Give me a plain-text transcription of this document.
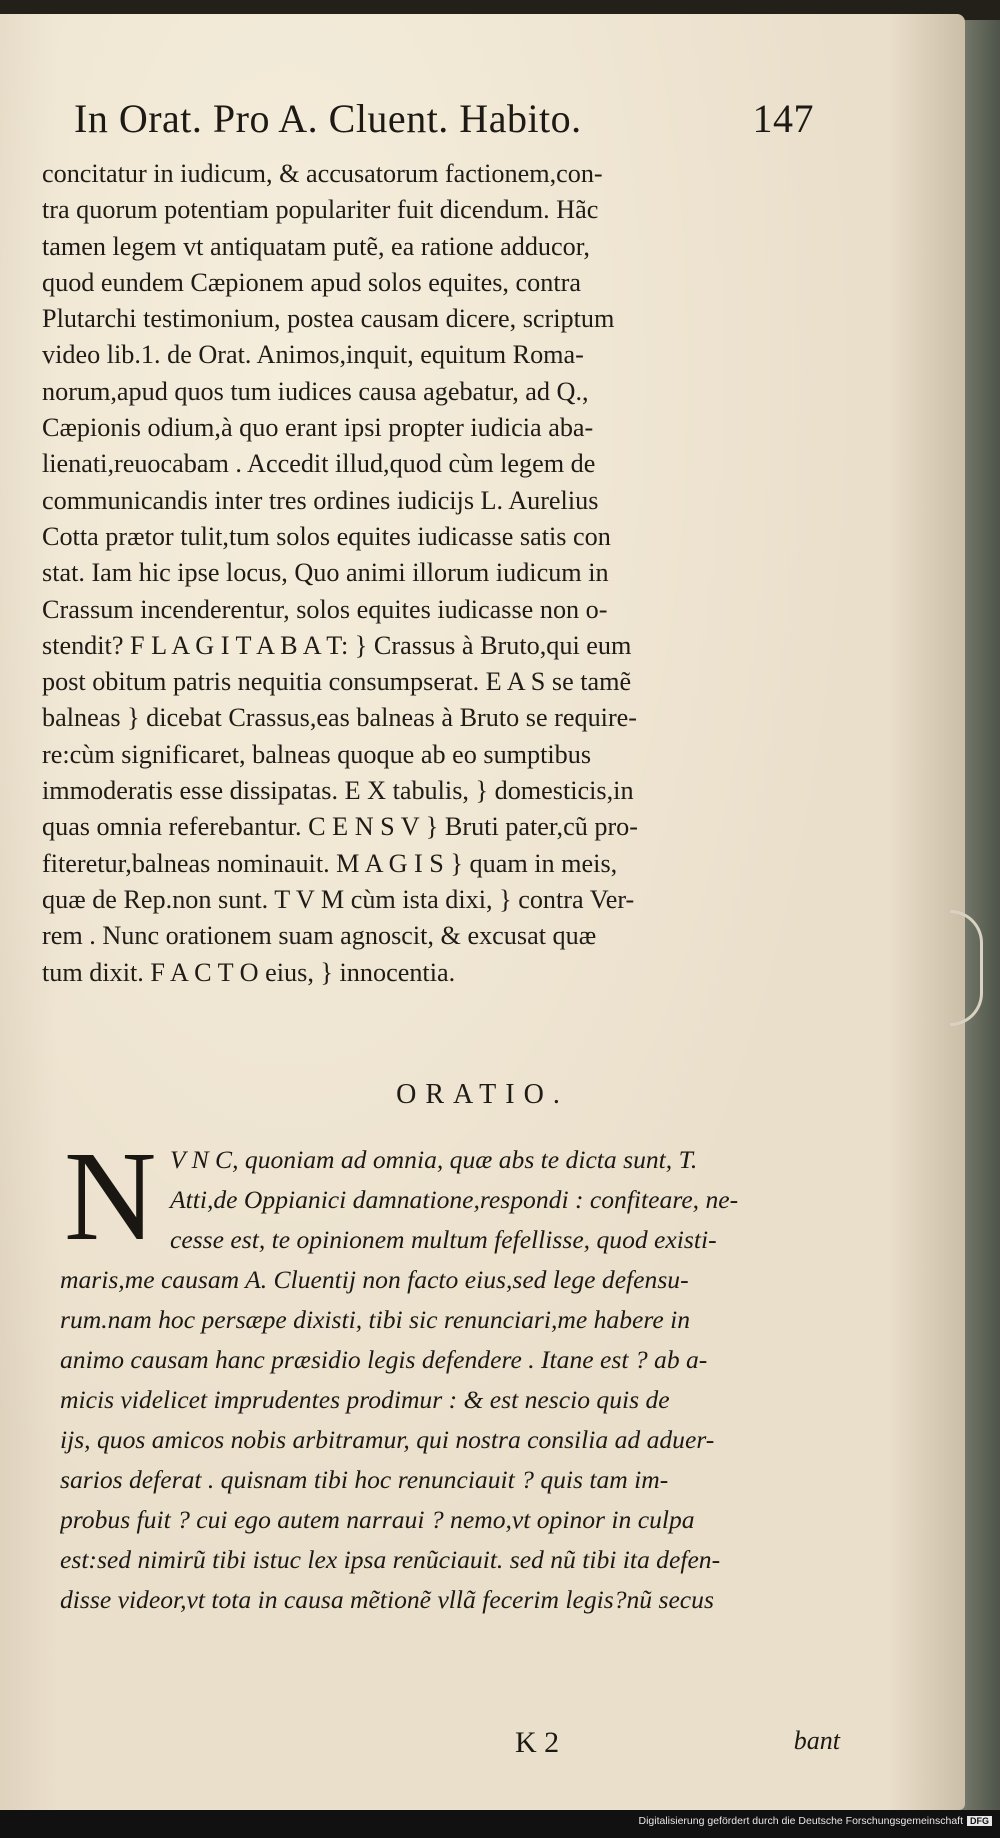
In Orat. Pro A. Cluent. Habito.	147
concitatur in iudicum, & accusatorum factionem,con-
tra quorum potentiam populariter fuit dicendum. Hãc
tamen legem vt antiquatam putẽ, ea ratione adducor,
quod eundem Cæpionem apud solos equites, contra
Plutarchi testimonium, postea causam dicere, scriptum
video lib.1. de Orat. Animos,inquit, equitum Roma-
norum,apud quos tum iudices causa agebatur, ad Q.,
Cæpionis odium,à quo erant ipsi propter iudicia aba-
lienati,reuocabam . Accedit illud,quod cùm legem de
communicandis inter tres ordines iudicijs L. Aurelius
Cotta prætor tulit,tum solos equites iudicasse satis con
stat. Iam hic ipse locus, Quo animi illorum iudicum in
Crassum incenderentur, solos equites iudicasse non o-
stendit? F L A G I T A B A T: } Crassus à Bruto,qui eum
post obitum patris nequitia consumpserat. E A S se tamẽ
balneas } dicebat Crassus,eas balneas à Bruto se require-
re:cùm significaret, balneas quoque ab eo sumptibus
immoderatis esse dissipatas. E X tabulis, } domesticis,in
quas omnia referebantur. C E N S V } Bruti pater,cũ pro-
fiteretur,balneas nominauit. M A G I S } quam in meis,
quæ de Rep.non sunt. T V M cùm ista dixi, } contra Ver-
rem . Nunc orationem suam agnoscit, & excusat quæ
tum dixit. F A C T O eius, } innocentia.
ORATIO.
N V N C, quoniam ad omnia, quæ abs te dicta sunt, T.
Atti,de Oppianici damnatione,respondi : confiteare, ne-
cesse est, te opinionem multum fefellisse, quod existi-
maris,me causam A. Cluentij non facto eius,sed lege defensu-
rum.nam hoc persæpe dixisti, tibi sic renunciari,me habere in
animo causam hanc præsidio legis defendere . Itane est ? ab a-
micis videlicet imprudentes prodimur : & est nescio quis de
ijs, quos amicos nobis arbitramur, qui nostra consilia ad aduer-
sarios deferat . quisnam tibi hoc renunciauit ? quis tam im-
probus fuit ? cui ego autem narraui ? nemo,vt opinor in culpa
est:sed nimirũ tibi istuc lex ipsa renũciauit. sed nũ tibi ita defen-
disse videor,vt tota in causa mẽtionẽ vllã fecerim legis?nũ secus
K 2	bant
Digitalisierung gefördert durch die Deutsche Forschungsgemeinschaft DFG
